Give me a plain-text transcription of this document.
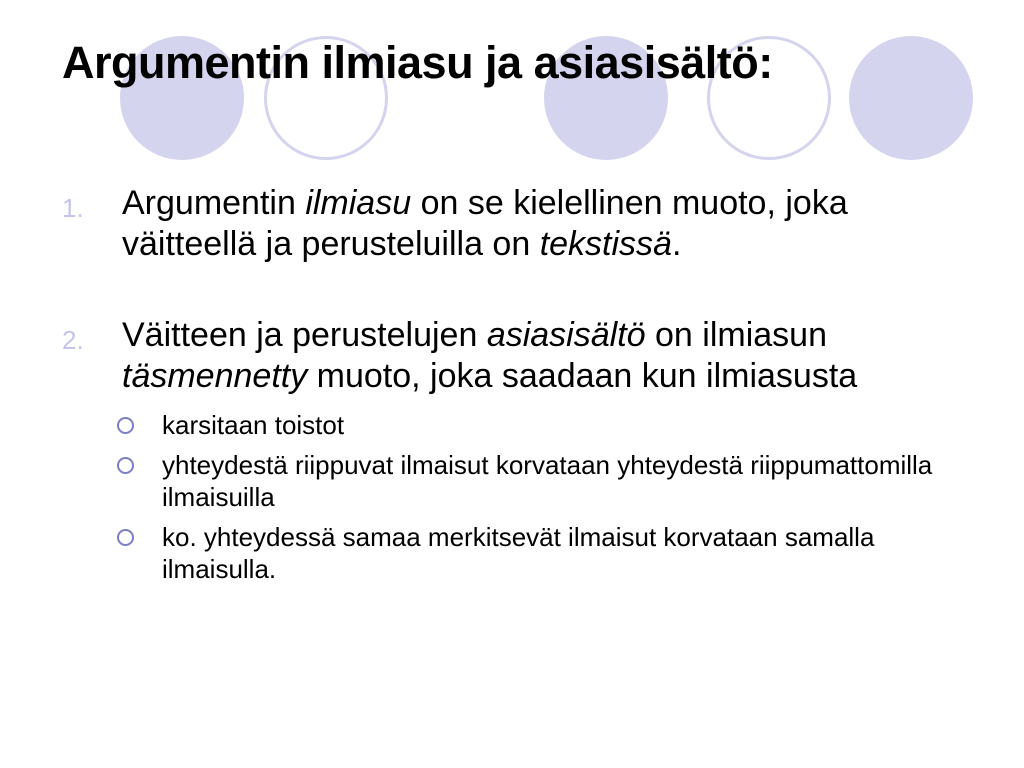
Argumentin ilmiasu ja asiasisältö:
1. Argumentin ilmiasu on se kielellinen muoto, joka väitteellä ja perusteluilla on tekstissä.
2. Väitteen ja perustelujen asiasisältö on ilmiasun täsmennetty muoto, joka saadaan kun ilmiasusta
karsitaan toistot
yhteydestä riippuvat ilmaisut korvataan yhteydestä riippumattomilla ilmaisuilla
ko. yhteydessä samaa merkitsevät ilmaisut korvataan samalla ilmaisulla.
